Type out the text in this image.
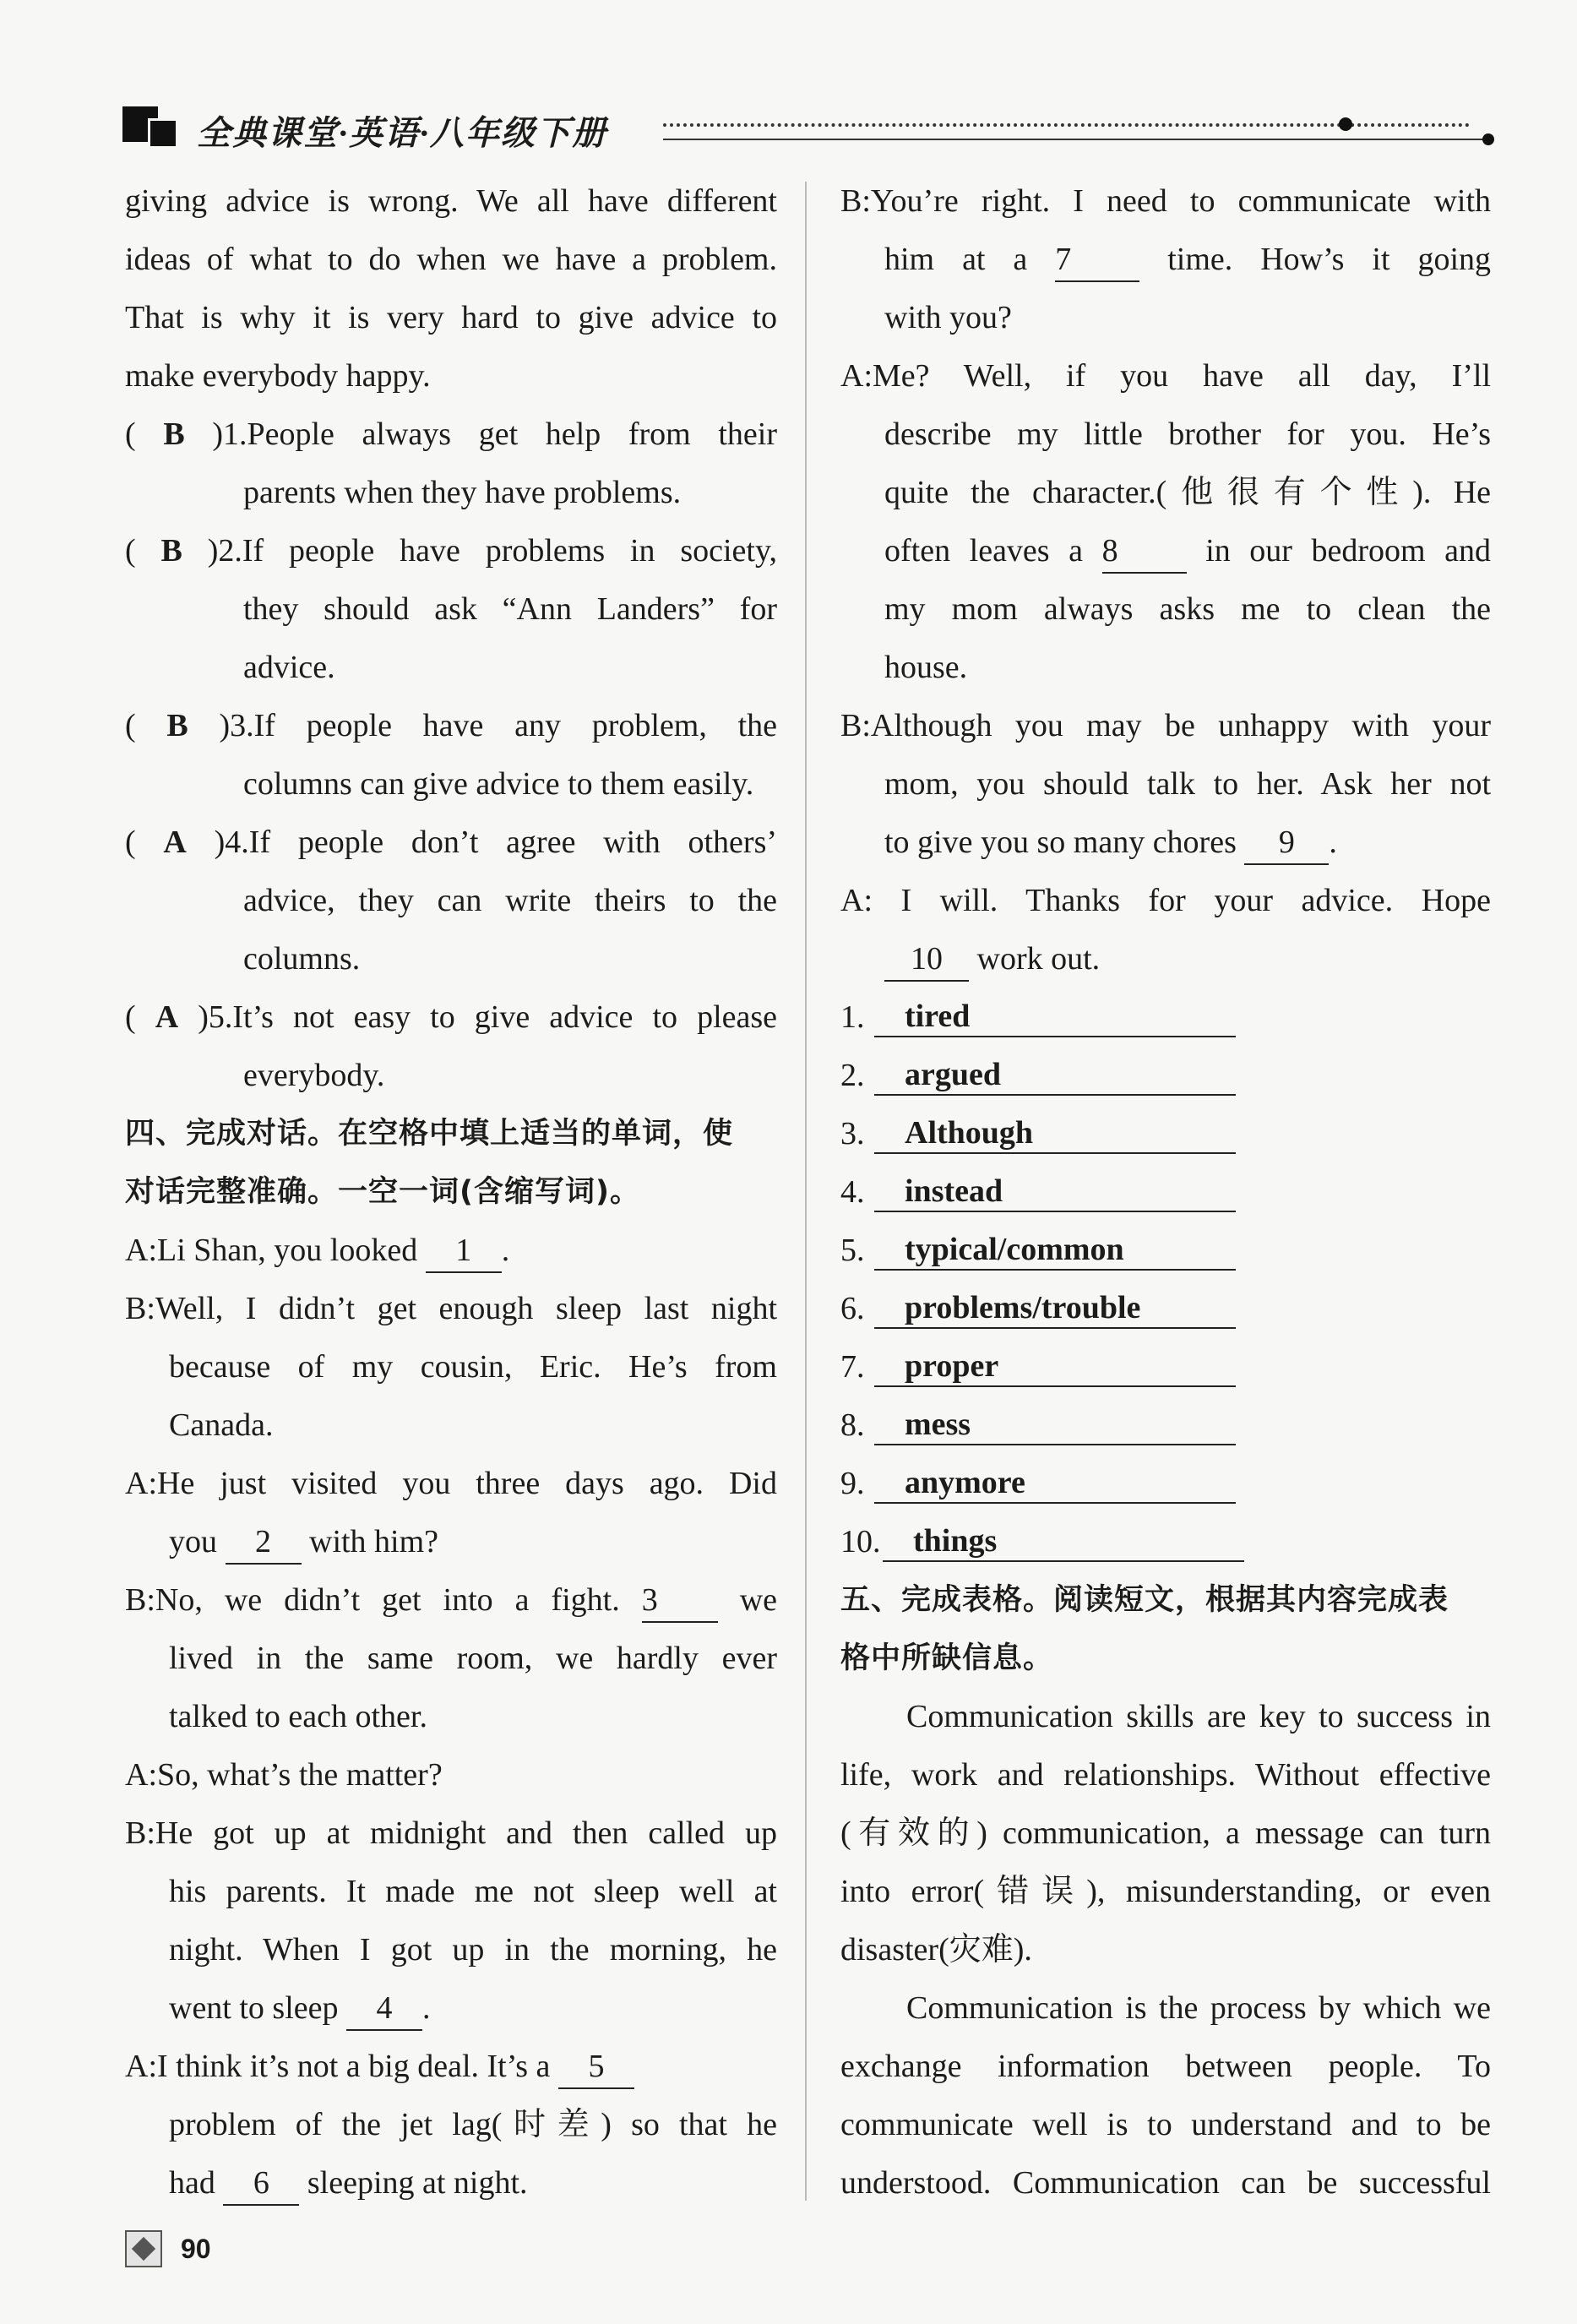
全典课堂·英语·八年级下册
giving advice is wrong. We all have different
ideas of what to do when we have a problem.
That is why it is very hard to give advice to
make everybody happy.
( B )1.People always get help from their
parents when they have problems.
( B )2.If people have problems in society,
they should ask “Ann Landers” for
advice.
( B )3.If people have any problem, the
columns can give advice to them easily.
( A )4.If people don’t agree with others’
advice, they can write theirs to the
columns.
( A )5.It’s not easy to give advice to please
everybody.
四、完成对话。在空格中填上适当的单词，使
对话完整准确。一空一词(含缩写词)。
A:Li Shan, you looked 1 .
B:Well, I didn’t get enough sleep last night
because of my cousin, Eric. He’s from
Canada.
A:He just visited you three days ago. Did
you 2 with him?
B:No, we didn’t get into a fight. 3	we
lived in the same room, we hardly ever
talked to each other.
A:So, what’s the matter?
B:He got up at midnight and then called up
his parents. It made me not sleep well at
night. When I got up in the morning, he
went to sleep 4 .
A:I think it’s not a big deal. It’s a 5
problem of the jet lag(时差) so that he
had 6 sleeping at night.
B:You’re right. I need to communicate with
him at a 7	time. How’s it going
with you?
A:Me? Well, if you have all day, I’ll
describe my little brother for you. He’s
quite the character.(他很有个性). He
often leaves a 8	in our bedroom and
my mom always asks me to clean the
house.
B:Although you may be unhappy with your
mom, you should talk to her. Ask her not
to give you so many chores 9 .
A: I will. Thanks for your advice. Hope
10 work out.
1.	tired
2.	argued
3.	Although
4.	instead
5.	typical/common
6.	problems/trouble
7.	proper
8.	mess
9.	anymore
10.	things
五、完成表格。阅读短文，根据其内容完成表
格中所缺信息。
Communication skills are key to success in
life, work and relationships. Without effective
(有效的) communication, a message can turn
into error(错误), misunderstanding, or even
disaster(灾难).
Communication is the process by which we
exchange information between people. To
communicate well is to understand and to be
understood. Communication can be successful
90
